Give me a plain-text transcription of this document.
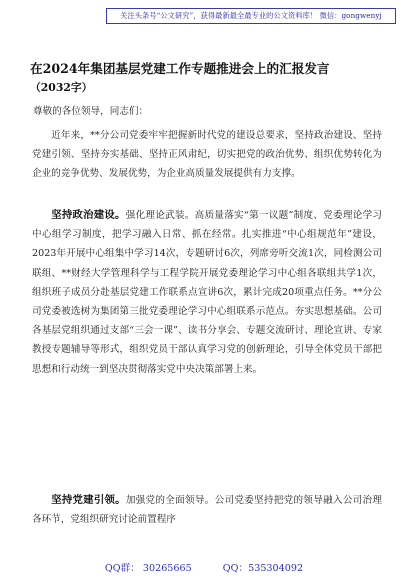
关注头条号“公文研究”，获得最新最全最专业的公文资料库！ 微信：gongwenyj
在2024年集团基层党建工作专题推进会上的汇报发言
（2032字）
尊敬的各位领导，同志们：

近年来，**分公司党委牢牢把握新时代党的建设总要求，坚持政治建设、坚持党建引领、坚持夯实基础、坚持正风肃纪，切实把党的政治优势、组织优势转化为企业的竞争优势、发展优势，为企业高质量发展提供有力支撑。

坚持政治建设。强化理论武装。高质量落实“第一议题”制度、党委理论学习中心组学习制度，把学习融入日常、抓在经常。扎实推进“中心组规范年”建设，2023年开展中心组集中学习14次，专题研讨6次，列席旁听交流1次，同检测公司联组、**财经大学管理科学与工程学院开展党委理论学习中心组各联组共学1次，组织班子成员分赴基层党建工作联系点宣讲6次，累计完成20项重点任务。**分公司党委被选树为集团第三批党委理论学习中心组联系示范点。夯实思想基础。公司各基层党组织通过支部“三会一课”、读书分享会、专题交流研讨、理论宣讲、专家教授专题辅导等形式，组织党员干部认真学习党的创新理论，引导全体党员干部把思想和行动统一到坚决贯彻落实党中央决策部署上来。

坚持党建引领。加强党的全面领导。公司党委坚持把党的领导融入公司治理各环节，党组织研究讨论前置程序

QQ群： 30265665	QQ：535304092
